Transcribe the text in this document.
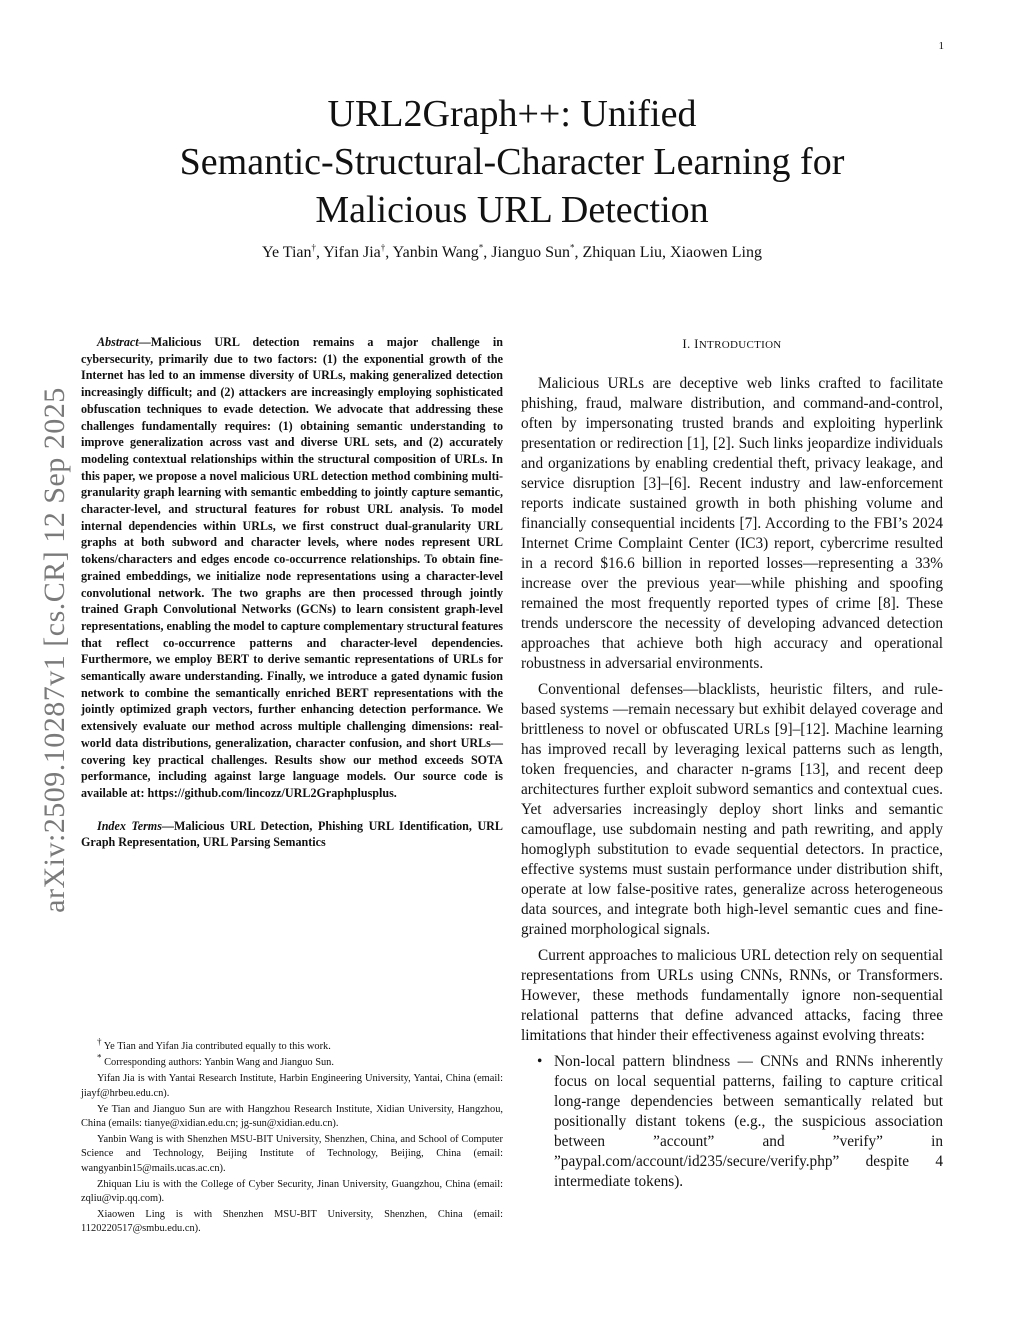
1
arXiv:2509.10287v1 [cs.CR] 12 Sep 2025
URL2Graph++: Unified
Semantic-Structural-Character Learning for
Malicious URL Detection
Ye Tian†, Yifan Jia†, Yanbin Wang*, Jianguo Sun*, Zhiquan Liu, Xiaowen Ling

Abstract—Malicious URL detection remains a major challenge in cybersecurity, primarily due to two factors: (1) the exponential growth of the Internet has led to an immense diversity of URLs, making generalized detection increasingly difficult; and (2) attackers are increasingly employing sophisticated obfuscation techniques to evade detection. We advocate that addressing these challenges fundamentally requires: (1) obtaining semantic understanding to improve generalization across vast and diverse URL sets, and (2) accurately modeling contextual relationships within the structural composition of URLs. In this paper, we propose a novel malicious URL detection method combining multi-granularity graph learning with semantic embedding to jointly capture semantic, character-level, and structural features for robust URL analysis. To model internal dependencies within URLs, we first construct dual-granularity URL graphs at both subword and character levels, where nodes represent URL tokens/characters and edges encode co-occurrence relationships. To obtain fine-grained embeddings, we initialize node representations using a character-level convolutional network. The two graphs are then processed through jointly trained Graph Convolutional Networks (GCNs) to learn consistent graph-level representations, enabling the model to capture complementary structural features that reflect co-occurrence patterns and character-level dependencies. Furthermore, we employ BERT to derive semantic representations of URLs for semantically aware understanding. Finally, we introduce a gated dynamic fusion network to combine the semantically enriched BERT representations with the jointly optimized graph vectors, further enhancing detection performance. We extensively evaluate our method across multiple challenging dimensions: real-world data distributions, generalization, character confusion, and short URLs—covering key practical challenges. Results show our method exceeds SOTA performance, including against large language models. Our source code is available at: https://github.com/lincozz/URL2Graphplusplus.

Index Terms—Malicious URL Detection, Phishing URL Identification, URL Graph Representation, URL Parsing Semantics

† Ye Tian and Yifan Jia contributed equally to this work.

* Corresponding authors: Yanbin Wang and Jianguo Sun.

Yifan Jia is with Yantai Research Institute, Harbin Engineering University, Yantai, China (email: jiayf@hrbeu.edu.cn).

Ye Tian and Jianguo Sun are with Hangzhou Research Institute, Xidian University, Hangzhou, China (emails: tianye@xidian.edu.cn; jg-sun@xidian.edu.cn).

Yanbin Wang is with Shenzhen MSU-BIT University, Shenzhen, China, and School of Computer Science and Technology, Beijing Institute of Technology, Beijing, China (email: wangyanbin15@mails.ucas.ac.cn).

Zhiquan Liu is with the College of Cyber Security, Jinan University, Guangzhou, China (email: zqliu@vip.qq.com).

Xiaowen Ling is with Shenzhen MSU-BIT University, Shenzhen, China (email: 1120220517@smbu.edu.cn).

I. INTRODUCTION

Malicious URLs are deceptive web links crafted to facilitate phishing, fraud, malware distribution, and command-and-control, often by impersonating trusted brands and exploiting hyperlink presentation or redirection [1], [2]. Such links jeopardize individuals and organizations by enabling credential theft, privacy leakage, and service disruption [3]–[6]. Recent industry and law-enforcement reports indicate sustained growth in both phishing volume and financially consequential incidents [7]. According to the FBI’s 2024 Internet Crime Complaint Center (IC3) report, cybercrime resulted in a record $16.6 billion in reported losses—representing a 33% increase over the previous year—while phishing and spoofing remained the most frequently reported types of crime [8]. These trends underscore the necessity of developing advanced detection approaches that achieve both high accuracy and operational robustness in adversarial environments.

Conventional defenses—blacklists, heuristic filters, and rule-based systems —remain necessary but exhibit delayed coverage and brittleness to novel or obfuscated URLs [9]–[12]. Machine learning has improved recall by leveraging lexical patterns such as length, token frequencies, and character n-grams [13], and recent deep architectures further exploit subword semantics and contextual cues. Yet adversaries increasingly deploy short links and semantic camouflage, use subdomain nesting and path rewriting, and apply homoglyph substitution to evade sequential detectors. In practice, effective systems must sustain performance under distribution shift, operate at low false-positive rates, generalize across heterogeneous data sources, and integrate both high-level semantic cues and fine-grained morphological signals.

Current approaches to malicious URL detection rely on sequential representations from URLs using CNNs, RNNs, or Transformers. However, these methods fundamentally ignore non-sequential relational patterns that define advanced attacks, facing three limitations that hinder their effectiveness against evolving threats:

• Non-local pattern blindness — CNNs and RNNs inherently focus on local sequential patterns, failing to capture critical long-range dependencies between semantically related but positionally distant tokens (e.g., the suspicious association between ”account” and ”verify” in ”paypal.com/account/id235/secure/verify.php” despite 4 intermediate tokens).
